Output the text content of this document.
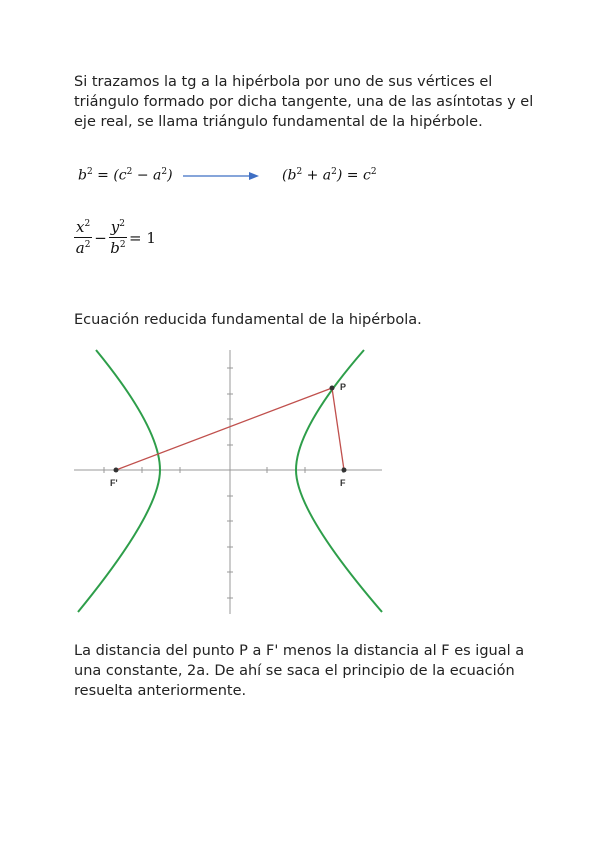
Si trazamos la tg a la hipérbola por uno de sus vértices el triángulo formado por dicha tangente, una de las asíntotas y el eje real, se llama triángulo fundamental de la hipérbole.

$b^2 = (c^2 - a^2)$	$(b^2 + a^2) = c^2$
$\frac{x^2}{a^2} - \frac{y^2}{b^2} = 1$

Ecuación reducida fundamental de la hipérbola.

P
F
F'

La distancia del punto P a F' menos la distancia al F es igual a una constante, 2a. De ahí se saca el principio de la ecuación resuelta anteriormente.
